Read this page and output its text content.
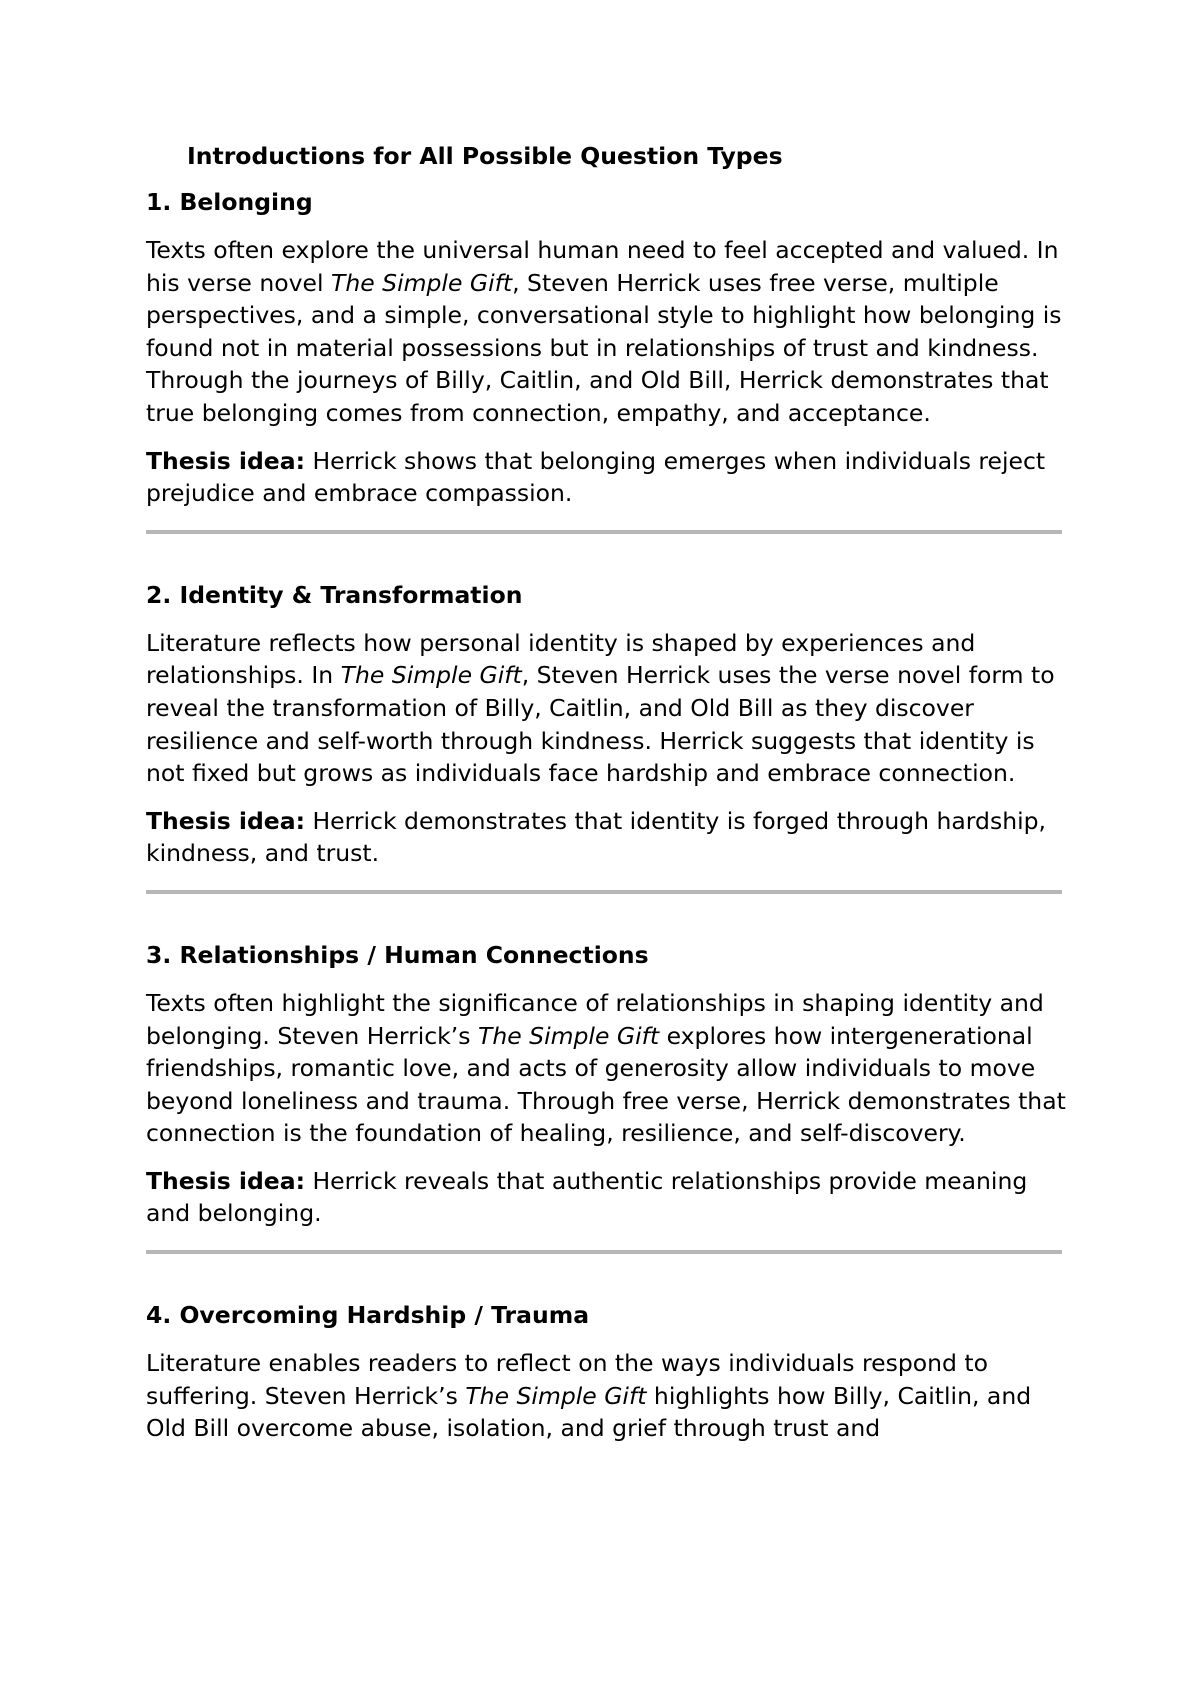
Introductions for All Possible Question Types
1. Belonging

Texts often explore the universal human need to feel accepted and valued. In his verse novel The Simple Gift, Steven Herrick uses free verse, multiple perspectives, and a simple, conversational style to highlight how belonging is found not in material possessions but in relationships of trust and kindness. Through the journeys of Billy, Caitlin, and Old Bill, Herrick demonstrates that true belonging comes from connection, empathy, and acceptance.

Thesis idea: Herrick shows that belonging emerges when individuals reject prejudice and embrace compassion.

2. Identity & Transformation

Literature reflects how personal identity is shaped by experiences and relationships. In The Simple Gift, Steven Herrick uses the verse novel form to reveal the transformation of Billy, Caitlin, and Old Bill as they discover resilience and self-worth through kindness. Herrick suggests that identity is not fixed but grows as individuals face hardship and embrace connection.

Thesis idea: Herrick demonstrates that identity is forged through hardship, kindness, and trust.

3. Relationships / Human Connections

Texts often highlight the significance of relationships in shaping identity and belonging. Steven Herrick’s The Simple Gift explores how intergenerational friendships, romantic love, and acts of generosity allow individuals to move beyond loneliness and trauma. Through free verse, Herrick demonstrates that connection is the foundation of healing, resilience, and self-discovery.

Thesis idea: Herrick reveals that authentic relationships provide meaning and belonging.

4. Overcoming Hardship / Trauma

Literature enables readers to reflect on the ways individuals respond to suffering. Steven Herrick’s The Simple Gift highlights how Billy, Caitlin, and Old Bill overcome abuse, isolation, and grief through trust and
